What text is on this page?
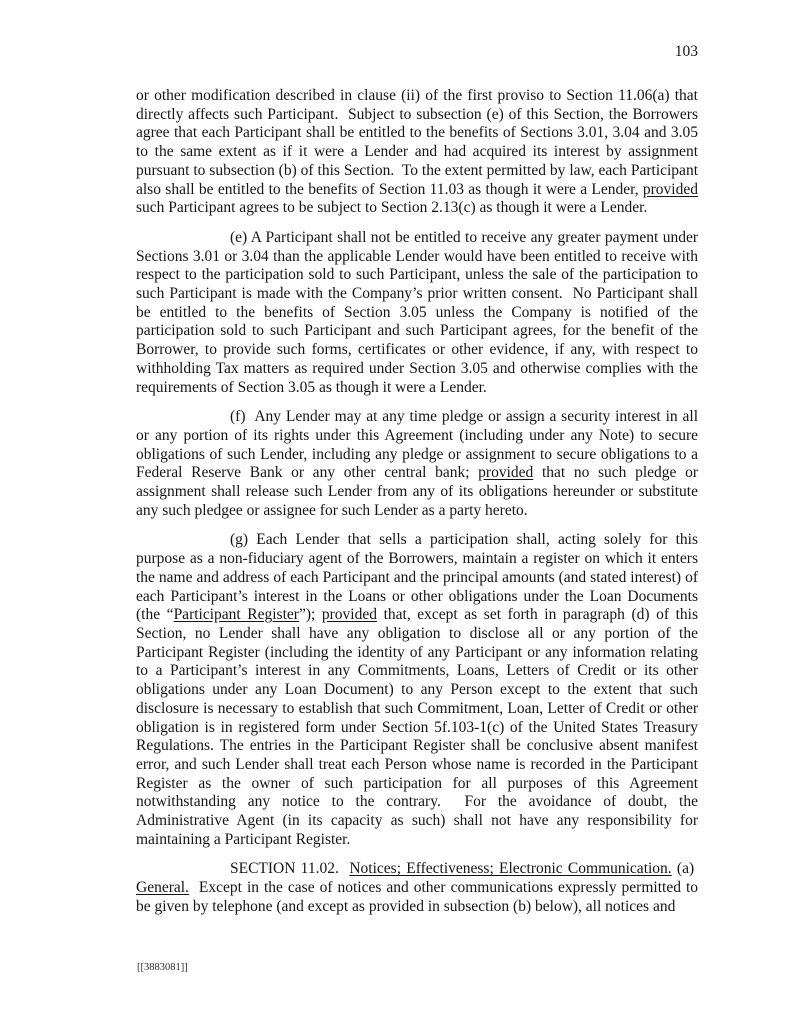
103

or other modification described in clause (ii) of the first proviso to Section 11.06(a) that directly affects such Participant.  Subject to subsection (e) of this Section, the Borrowers agree that each Participant shall be entitled to the benefits of Sections 3.01, 3.04 and 3.05 to the same extent as if it were a Lender and had acquired its interest by assignment pursuant to subsection (b) of this Section.  To the extent permitted by law, each Participant also shall be entitled to the benefits of Section 11.03 as though it were a Lender, provided such Participant agrees to be subject to Section 2.13(c) as though it were a Lender.

(e) A Participant shall not be entitled to receive any greater payment under Sections 3.01 or 3.04 than the applicable Lender would have been entitled to receive with respect to the participation sold to such Participant, unless the sale of the participation to such Participant is made with the Company’s prior written consent.  No Participant shall be entitled to the benefits of Section 3.05 unless the Company is notified of the participation sold to such Participant and such Participant agrees, for the benefit of the Borrower, to provide such forms, certificates or other evidence, if any, with respect to withholding Tax matters as required under Section 3.05 and otherwise complies with the requirements of Section 3.05 as though it were a Lender.

(f)  Any Lender may at any time pledge or assign a security interest in all or any portion of its rights under this Agreement (including under any Note) to secure obligations of such Lender, including any pledge or assignment to secure obligations to a Federal Reserve Bank or any other central bank; provided that no such pledge or assignment shall release such Lender from any of its obligations hereunder or substitute any such pledgee or assignee for such Lender as a party hereto.

(g) Each Lender that sells a participation shall, acting solely for this purpose as a non-fiduciary agent of the Borrowers, maintain a register on which it enters the name and address of each Participant and the principal amounts (and stated interest) of each Participant’s interest in the Loans or other obligations under the Loan Documents (the “Participant Register”); provided that, except as set forth in paragraph (d) of this Section, no Lender shall have any obligation to disclose all or any portion of the Participant Register (including the identity of any Participant or any information relating to a Participant’s interest in any Commitments, Loans, Letters of Credit or its other obligations under any Loan Document) to any Person except to the extent that such disclosure is necessary to establish that such Commitment, Loan, Letter of Credit or other obligation is in registered form under Section 5f.103-1(c) of the United States Treasury Regulations. The entries in the Participant Register shall be conclusive absent manifest error, and such Lender shall treat each Person whose name is recorded in the Participant Register as the owner of such participation for all purposes of this Agreement notwithstanding any notice to the contrary.  For the avoidance of doubt, the Administrative Agent (in its capacity as such) shall not have any responsibility for maintaining a Participant Register.

SECTION 11.02.  Notices; Effectiveness; Electronic Communication. (a)  General.  Except in the case of notices and other communications expressly permitted to be given by telephone (and except as provided in subsection (b) below), all notices and

[[3883081]]
